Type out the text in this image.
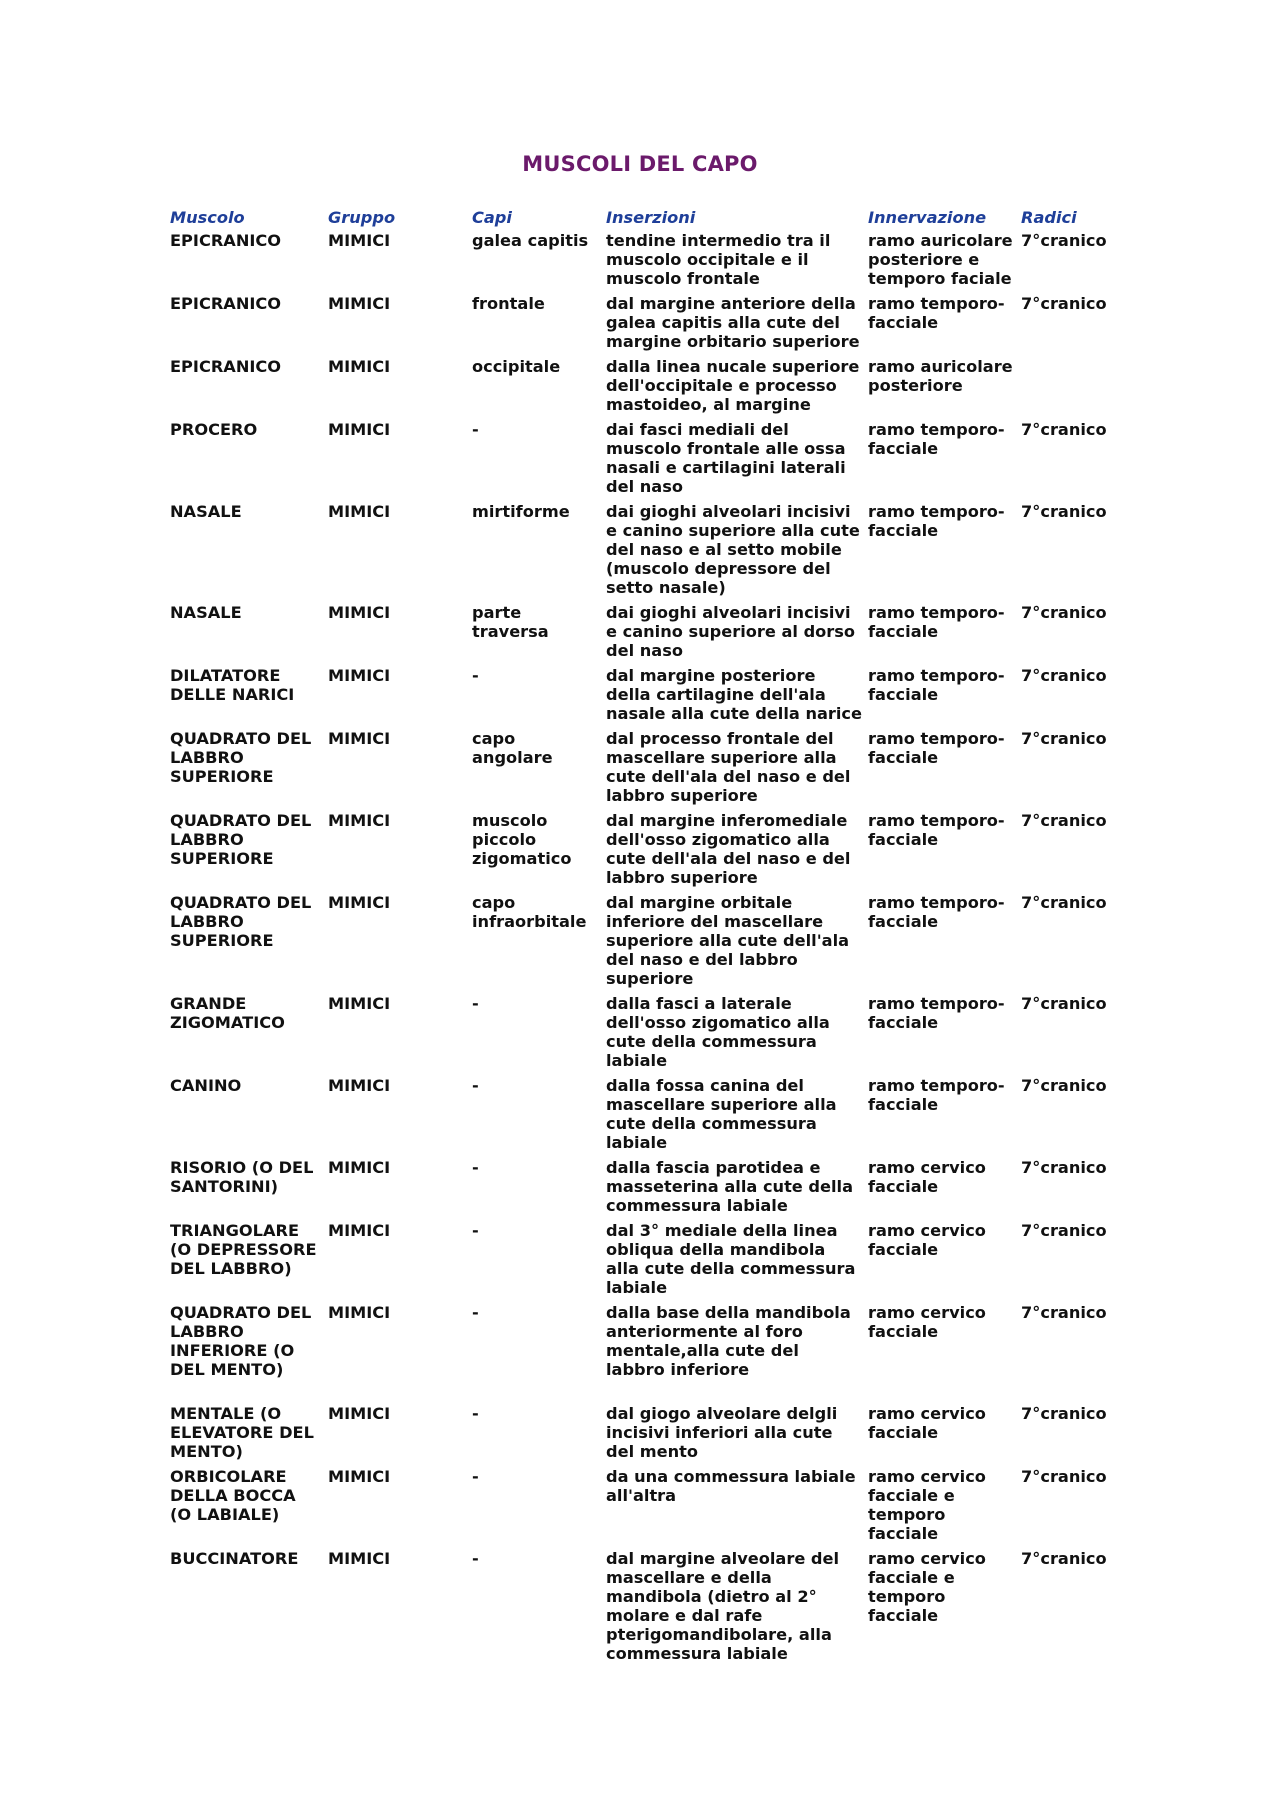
MUSCOLI DEL CAPO
Muscolo	Gruppo	Capi	Inserzioni	Innervazione	Radici
EPICRANICO	MIMICI	galea capitis	tendine intermedio tra il muscolo occipitale e il muscolo frontale	ramo auricolare posteriore e temporo faciale	7°cranico
EPICRANICO	MIMICI	frontale	dal margine anteriore della galea capitis alla cute del margine orbitario superiore	ramo temporo-facciale	7°cranico
EPICRANICO	MIMICI	occipitale	dalla linea nucale superiore dell'occipitale e processo mastoideo, al margine	ramo auricolare posteriore	
PROCERO	MIMICI	-	dai fasci mediali del muscolo frontale alle ossa nasali e cartilagini laterali del naso	ramo temporo-facciale	7°cranico
NASALE	MIMICI	mirtiforme	dai gioghi alveolari incisivi e canino superiore alla cute del naso e al setto mobile (muscolo depressore del setto nasale)	ramo temporo-facciale	7°cranico
NASALE	MIMICI	parte traversa	dai gioghi alveolari incisivi e canino superiore al dorso del naso	ramo temporo-facciale	7°cranico
DILATATORE DELLE NARICI	MIMICI	-	dal margine posteriore della cartilagine dell'ala nasale alla cute della narice	ramo temporo-facciale	7°cranico
QUADRATO DEL LABBRO SUPERIORE	MIMICI	capo angolare	dal processo frontale del mascellare superiore alla cute dell'ala del naso e del labbro superiore	ramo temporo-facciale	7°cranico
QUADRATO DEL LABBRO SUPERIORE	MIMICI	muscolo piccolo zigomatico	dal margine inferomediale dell'osso zigomatico alla cute dell'ala del naso e del labbro superiore	ramo temporo-facciale	7°cranico
QUADRATO DEL LABBRO SUPERIORE	MIMICI	capo infraorbitale	dal margine orbitale inferiore del mascellare superiore alla cute dell'ala del naso e del labbro superiore	ramo temporo-facciale	7°cranico
GRANDE ZIGOMATICO	MIMICI	-	dalla fasci a laterale dell'osso zigomatico alla cute della commessura labiale	ramo temporo-facciale	7°cranico
CANINO	MIMICI	-	dalla fossa canina del mascellare superiore alla cute della commessura labiale	ramo temporo-facciale	7°cranico
RISORIO (O DEL SANTORINI)	MIMICI	-	dalla fascia parotidea e masseterina alla cute della commessura labiale	ramo cervico facciale	7°cranico
TRIANGOLARE (O DEPRESSORE DEL LABBRO)	MIMICI	-	dal 3° mediale della linea obliqua della mandibola alla cute della commessura labiale	ramo cervico facciale	7°cranico
QUADRATO DEL LABBRO INFERIORE (O DEL MENTO)	MIMICI	-	dalla base della mandibola anteriormente al foro mentale,alla cute del labbro inferiore	ramo cervico facciale	7°cranico
MENTALE (O ELEVATORE DEL MENTO)	MIMICI	-	dal giogo alveolare delgli incisivi inferiori alla cute del mento	ramo cervico facciale	7°cranico
ORBICOLARE DELLA BOCCA (O LABIALE)	MIMICI	-	da una commessura labiale all'altra	ramo cervico facciale e temporo facciale	7°cranico
BUCCINATORE	MIMICI	-	dal margine alveolare del mascellare e della mandibola (dietro al 2° molare e dal rafe pterigomandibolare, alla commessura labiale	ramo cervico facciale e temporo facciale	7°cranico
